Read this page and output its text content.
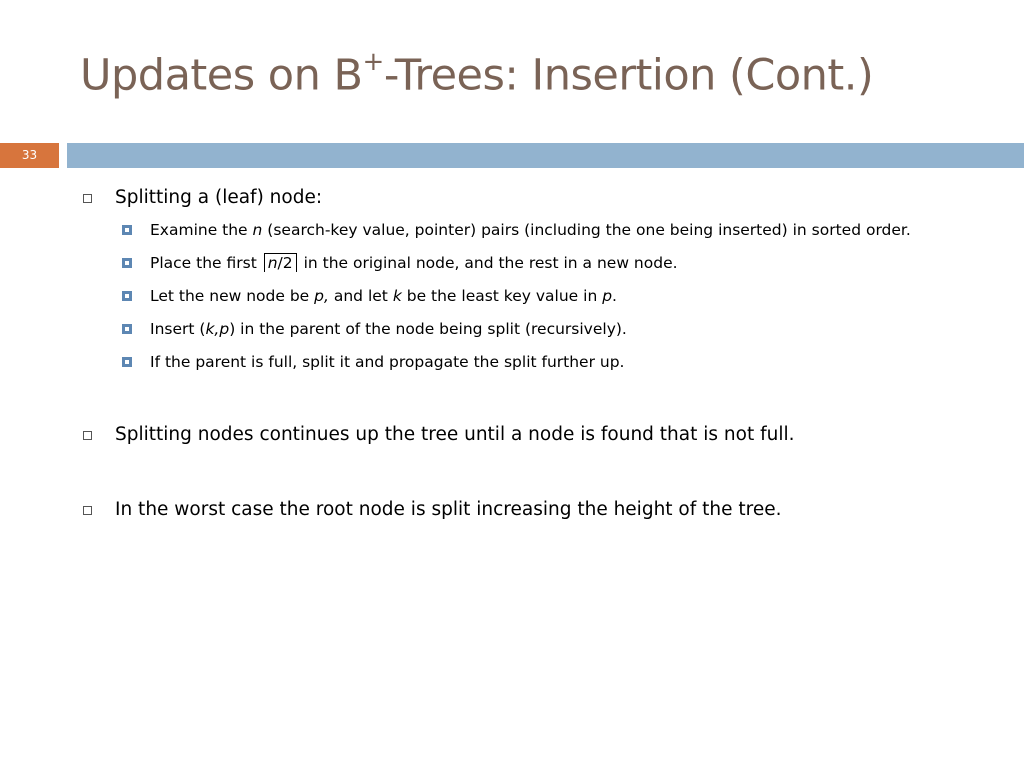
Updates on B+-Trees: Insertion (Cont.)
33
Splitting a (leaf) node:
Examine the n (search-key value, pointer) pairs (including the one being inserted) in sorted order.
Place the first n/2 in the original node, and the rest in a new node.
Let the new node be p, and let k be the least key value in p.
Insert (k,p) in the parent of the node being split (recursively).
If the parent is full, split it and propagate the split further up.
Splitting nodes continues up the tree until a node is found that is not full.
In the worst case the root node is split increasing the height of the tree.
